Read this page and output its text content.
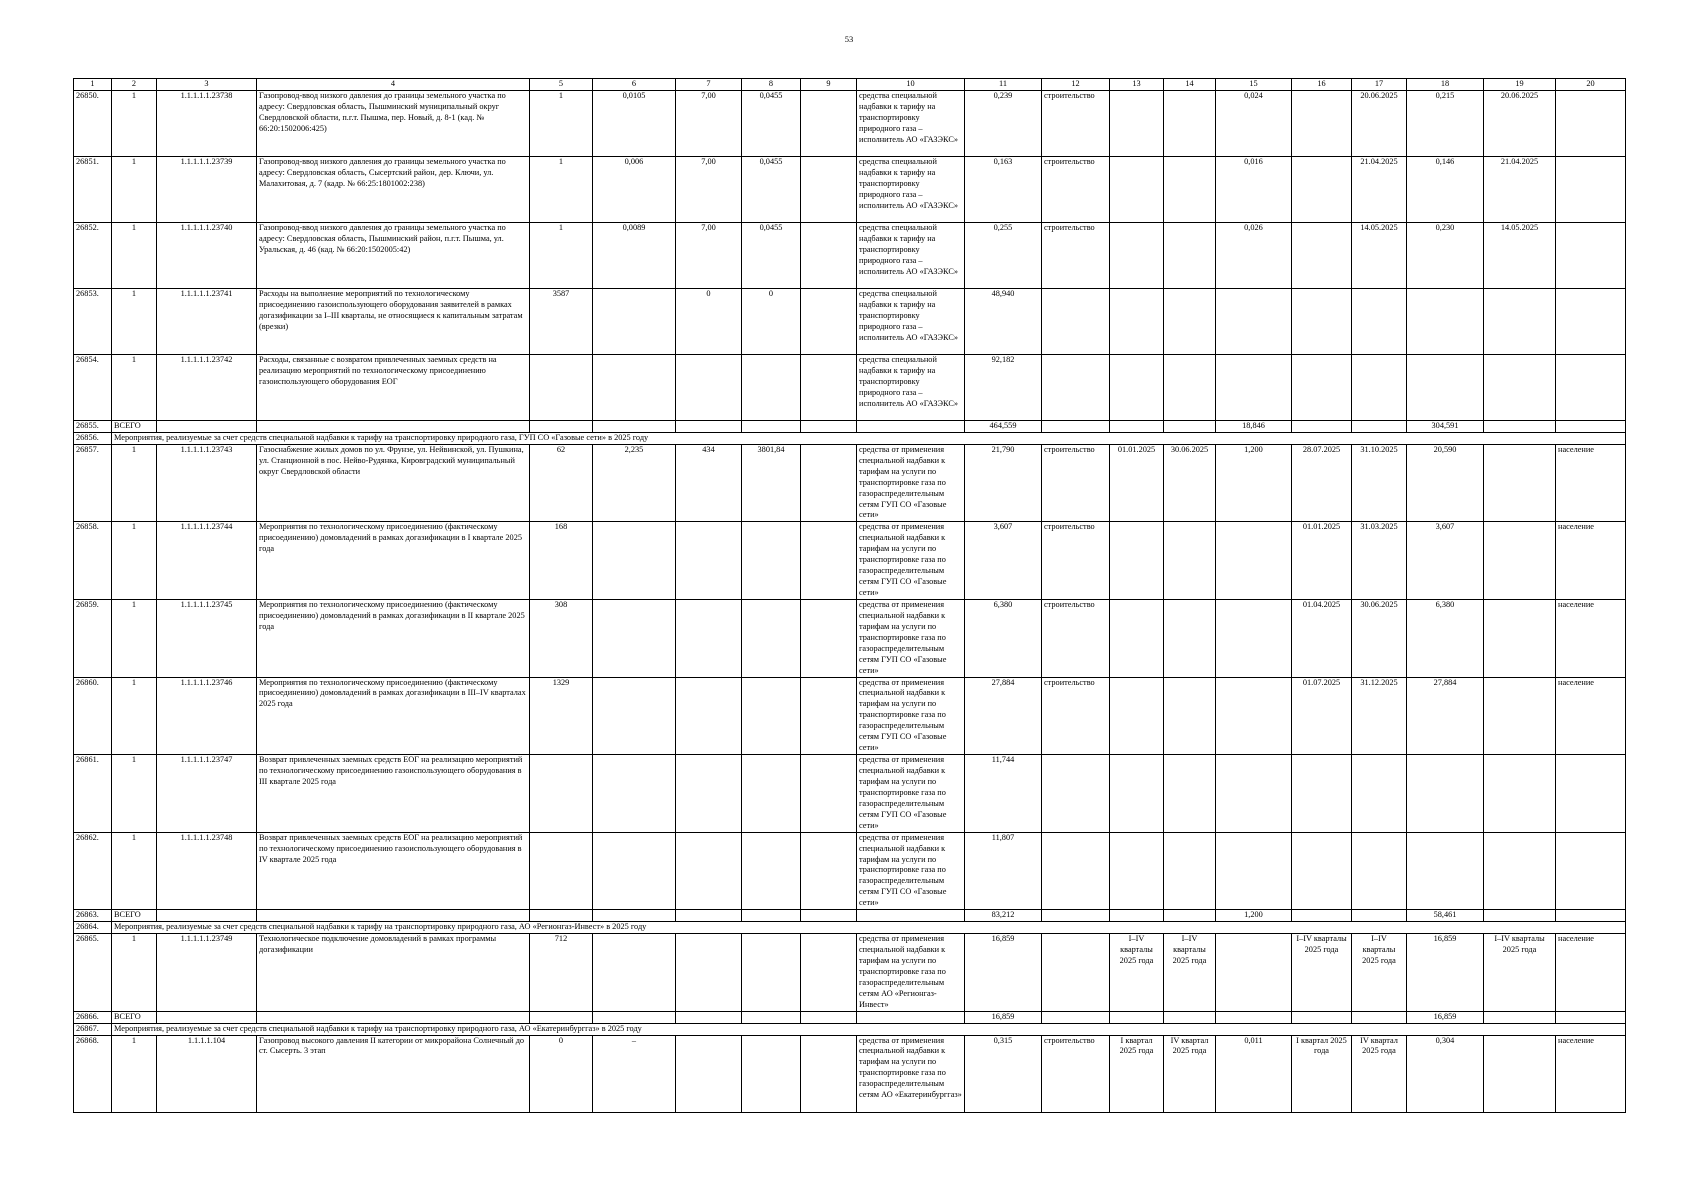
53
1	2	3	4	5	6	7	8	9	10	11	12	13	14	15	16	17	18	19	20
26850.	1	1.1.1.1.1.23738	Газопровод-ввод низкого давления до границы земельного участка по адресу: Свердловская область, Пышминский муниципальный округ Свердловской области, п.г.т. Пышма, пер. Новый, д. 8-1 (кад. № 66:20:1502006:425)	1	0,0105	7,00	0,0455		средства специальной надбавки к тарифу на транспортировку природного газа – исполнитель АО «ГАЗЭКС»	0,239	строительство			0,024		20.06.2025	0,215	20.06.2025	
26851.	1	1.1.1.1.1.23739	Газопровод-ввод низкого давления до границы земельного участка по адресу: Свердловская область, Сысертский район, дер. Ключи, ул. Малахитовая, д. 7 (кадр. № 66:25:1801002:238)	1	0,006	7,00	0,0455		средства специальной надбавки к тарифу на транспортировку природного газа – исполнитель АО «ГАЗЭКС»	0,163	строительство			0,016		21.04.2025	0,146	21.04.2025	
26852.	1	1.1.1.1.1.23740	Газопровод-ввод низкого давления до границы земельного участка по адресу: Свердловская область, Пышминский район, п.г.т. Пышма, ул. Уральская, д. 46 (кад. № 66:20:1502005:42)	1	0,0089	7,00	0,0455		средства специальной надбавки к тарифу на транспортировку природного газа – исполнитель АО «ГАЗЭКС»	0,255	строительство			0,026		14.05.2025	0,230	14.05.2025	
26853.	1	1.1.1.1.1.23741	Расходы на выполнение мероприятий по технологическому присоединению газоиспользующего оборудования заявителей в рамках догазификации за I–III кварталы, не относящиеся к капитальным затратам (врезки)	3587		0	0		средства специальной надбавки к тарифу на транспортировку природного газа – исполнитель АО «ГАЗЭКС»	48,940									
26854.	1	1.1.1.1.1.23742	Расходы, связанные с возвратом привлеченных заемных средств на реализацию мероприятий по технологическому присоединению газоиспользующего оборудования ЕОГ						средства специальной надбавки к тарифу на транспортировку природного газа – исполнитель АО «ГАЗЭКС»	92,182									
26855.	ВСЕГО									464,559				18,846			304,591		
26856.	Мероприятия, реализуемые за счет средств специальной надбавки к тарифу на транспортировку природного газа, ГУП СО «Газовые сети» в 2025 году																		
26857.	1	1.1.1.1.1.23743	Газоснабжение жилых домов по ул. Фрунзе, ул. Нейвинской, ул. Пушкина, ул. Станционной в пос. Нейво-Рудянка, Кировградский муниципальный округ Свердловской области	62	2,235	434	3801,84		средства от применения специальной надбавки к тарифам на услуги по транспортировке газа по газораспределительным сетям ГУП СО «Газовые сети»	21,790	строительство	01.01.2025	30.06.2025	1,200	28.07.2025	31.10.2025	20,590		население
26858.	1	1.1.1.1.1.23744	Мероприятия по технологическому присоединению (фактическому присоединению) домовладений в рамках догазификации в I квартале 2025 года	168					средства от применения специальной надбавки к тарифам на услуги по транспортировке газа по газораспределительным сетям ГУП СО «Газовые сети»	3,607	строительство				01.01.2025	31.03.2025	3,607		население
26859.	1	1.1.1.1.1.23745	Мероприятия по технологическому присоединению (фактическому присоединению) домовладений в рамках догазификации в II квартале 2025 года	308					средства от применения специальной надбавки к тарифам на услуги по транспортировке газа по газораспределительным сетям ГУП СО «Газовые сети»	6,380	строительство				01.04.2025	30.06.2025	6,380		население
26860.	1	1.1.1.1.1.23746	Мероприятия по технологическому присоединению (фактическому присоединению) домовладений в рамках догазификации в III–IV кварталах 2025 года	1329					средства от применения специальной надбавки к тарифам на услуги по транспортировке газа по газораспределительным сетям ГУП СО «Газовые сети»	27,884	строительство				01.07.2025	31.12.2025	27,884		население
26861.	1	1.1.1.1.1.23747	Возврат привлеченных заемных средств ЕОГ на реализацию мероприятий по технологическому присоединению газоиспользующего оборудования в III квартале 2025 года						средства от применения специальной надбавки к тарифам на услуги по транспортировке газа по газораспределительным сетям ГУП СО «Газовые сети»	11,744									
26862.	1	1.1.1.1.1.23748	Возврат привлеченных заемных средств ЕОГ на реализацию мероприятий по технологическому присоединению газоиспользующего оборудования в IV квартале 2025 года						средства от применения специальной надбавки к тарифам на услуги по транспортировке газа по газораспределительным сетям ГУП СО «Газовые сети»	11,807									
26863.	ВСЕГО									83,212				1,200			58,461		
26864.	Мероприятия, реализуемые за счет средств специальной надбавки к тарифу на транспортировку природного газа, АО «Регионгаз-Инвест» в 2025 году																		
26865.	1	1.1.1.1.1.23749	Технологическое подключение домовладений в рамках программы догазификации	712					средства от применения специальной надбавки к тарифам на услуги по транспортировке газа по газораспределительным сетям АО «Регионгаз-Инвест»	16,859		I–IV кварталы 2025 года	I–IV кварталы 2025 года		I–IV кварталы 2025 года	I–IV кварталы 2025 года	16,859	I–IV кварталы 2025 года	население
26866.	ВСЕГО									16,859							16,859		
26867.	Мероприятия, реализуемые за счет средств специальной надбавки к тарифу на транспортировку природного газа, АО «Екатеринбурггаз» в 2025 году																		
26868.	1	1.1.1.1.104	Газопровод высокого давления II категории от микрорайона Солнечный до ст. Сысерть. 3 этап	0	–				средства от применения специальной надбавки к тарифам на услуги по транспортировке газа по газораспределительным сетям АО «Екатеринбурггаз»	0,315	строительство	I квартал 2025 года	IV квартал 2025 года	0,011	I квартал 2025 года	IV квартал 2025 года	0,304		население
